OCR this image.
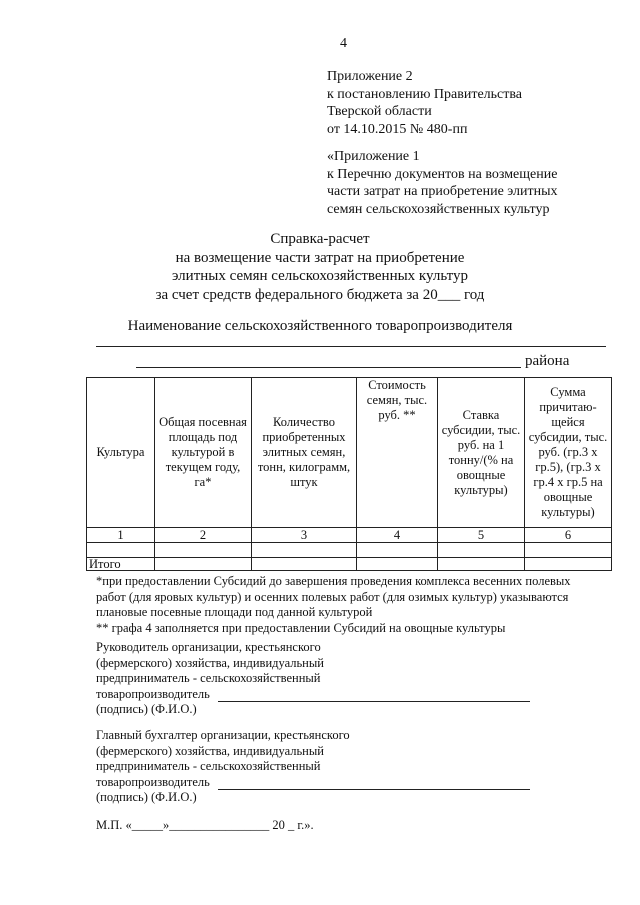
4
Приложение 2
к постановлению Правительства
Тверской области
от 14.10.2015 № 480-пп
«Приложение 1
к Перечню документов на возмещение
части затрат на приобретение элитных
семян сельскохозяйственных культур
Справка-расчет
на возмещение части затрат на приобретение
элитных семян сельскохозяйственных культур
за счет средств федерального бюджета за 20___ год
Наименование сельскохозяйственного товаропроизводителя
района
Культура	Общая посевная площадь под культурой в текущем году, га*	Количество приобретенных элитных семян, тонн, килограмм, штук	Стоимость семян, тыс. руб. **	Ставка субсидии, тыс. руб. на 1 тонну/(% на овощные культуры)	Сумма причитаю-щейся субсидии, тыс. руб. (гр.3 х гр.5), (гр.3 х гр.4 х гр.5 на овощные культуры)
1	2	3	4	5	6

Итого					
*при предоставлении Субсидий до завершения проведения комплекса весенних полевых работ (для яровых культур) и осенних полевых работ (для озимых культур) указываются плановые посевные площади под данной культурой
** графа 4 заполняется при предоставлении Субсидий на овощные культуры
Руководитель организации, крестьянского
(фермерского) хозяйства, индивидуальный
предприниматель - сельскохозяйственный
товаропроизводитель
(подпись) (Ф.И.О.)
Главный бухгалтер организации, крестьянского
(фермерского) хозяйства, индивидуальный
предприниматель - сельскохозяйственный
товаропроизводитель
(подпись) (Ф.И.О.)
М.П. «_____»________________ 20 _ г.».
